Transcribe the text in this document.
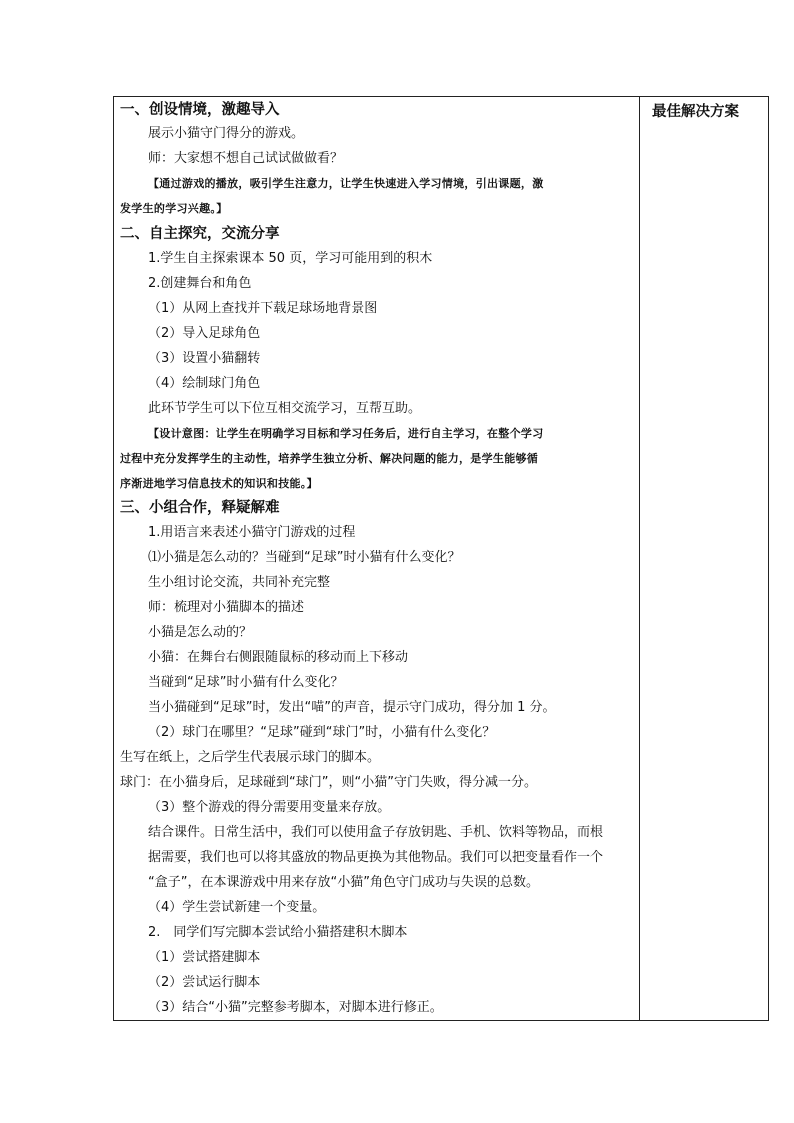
最佳解决方案
一、创设情境，激趣导入
展示小猫守门得分的游戏。
师：大家想不想自己试试做做看？
【通过游戏的播放，吸引学生注意力，让学生快速进入学习情境，引出课题，激
发学生的学习兴趣。】
二、自主探究，交流分享
1.学生自主探索课本 50 页，学习可能用到的积木
2.创建舞台和角色
（1）从网上查找并下载足球场地背景图
（2）导入足球角色
（3）设置小猫翻转
（4）绘制球门角色
此环节学生可以下位互相交流学习，互帮互助。
【设计意图：让学生在明确学习目标和学习任务后，进行自主学习，在整个学习
过程中充分发挥学生的主动性，培养学生独立分析、解决问题的能力，是学生能够循
序渐进地学习信息技术的知识和技能。】
三、小组合作，释疑解难
1.用语言来表述小猫守门游戏的过程
⑴小猫是怎么动的？当碰到“足球”时小猫有什么变化？
生小组讨论交流，共同补充完整
师：梳理对小猫脚本的描述
小猫是怎么动的？
小猫：在舞台右侧跟随鼠标的移动而上下移动
当碰到“足球”时小猫有什么变化？
当小猫碰到“足球”时，发出“喵”的声音，提示守门成功，得分加 1 分。
（2）球门在哪里？“足球”碰到“球门”时，小猫有什么变化？
生写在纸上，之后学生代表展示球门的脚本。
球门：在小猫身后，足球碰到“球门”，则“小猫”守门失败，得分减一分。
（3）整个游戏的得分需要用变量来存放。
结合课件。日常生活中，我们可以使用盒子存放钥匙、手机、饮料等物品，而根
据需要，我们也可以将其盛放的物品更换为其他物品。我们可以把变量看作一个
“盒子”，在本课游戏中用来存放“小猫”角色守门成功与失误的总数。
（4）学生尝试新建一个变量。
2.　同学们写完脚本尝试给小猫搭建积木脚本
（1）尝试搭建脚本
（2）尝试运行脚本
（3）结合“小猫”完整参考脚本，对脚本进行修正。
